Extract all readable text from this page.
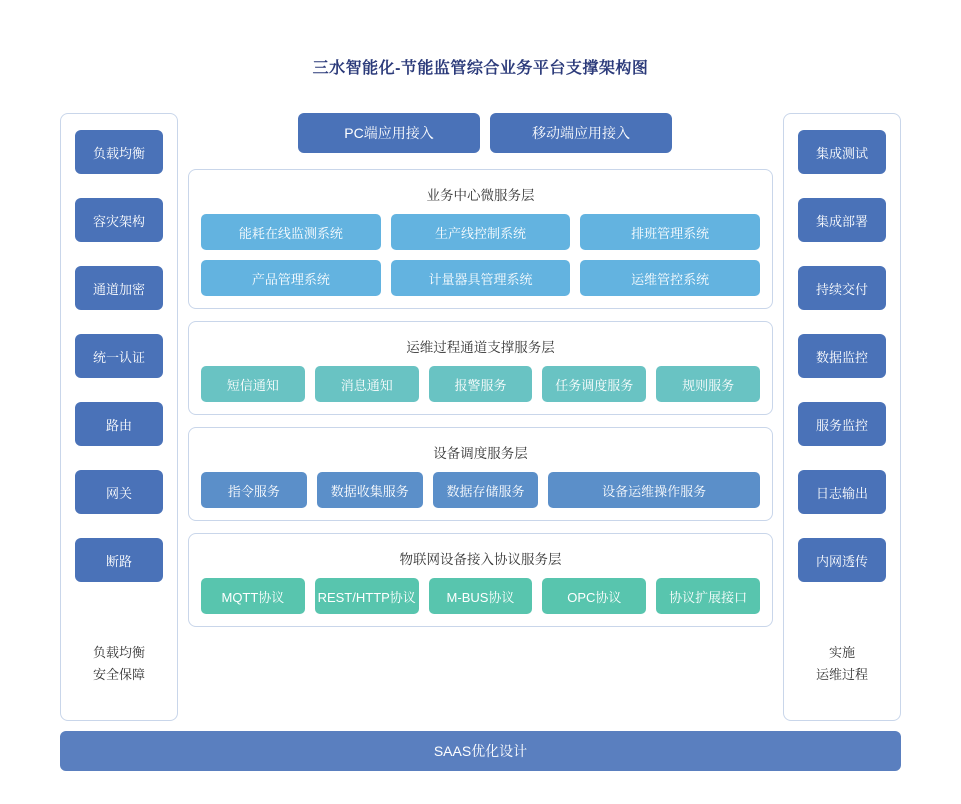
三水智能化-节能监管综合业务平台支撑架构图
负载均衡
容灾架构
通道加密
统一认证
路由
网关
断路
负载均衡
安全保障
PC端应用接入	移动端应用接入
业务中心微服务层
能耗在线监测系统	生产线控制系统	排班管理系统
产品管理系统	计量器具管理系统	运维管控系统
运维过程通道支撑服务层
短信通知	消息通知	报警服务	任务调度服务	规则服务
设备调度服务层
指令服务	数据收集服务	数据存储服务	设备运维操作服务
物联网设备接入协议服务层
MQTT协议	REST/HTTP协议	M-BUS协议	OPC协议	协议扩展接口
集成测试
集成部署
持续交付
数据监控
服务监控
日志输出
内网透传
实施
运维过程
SAAS优化设计
